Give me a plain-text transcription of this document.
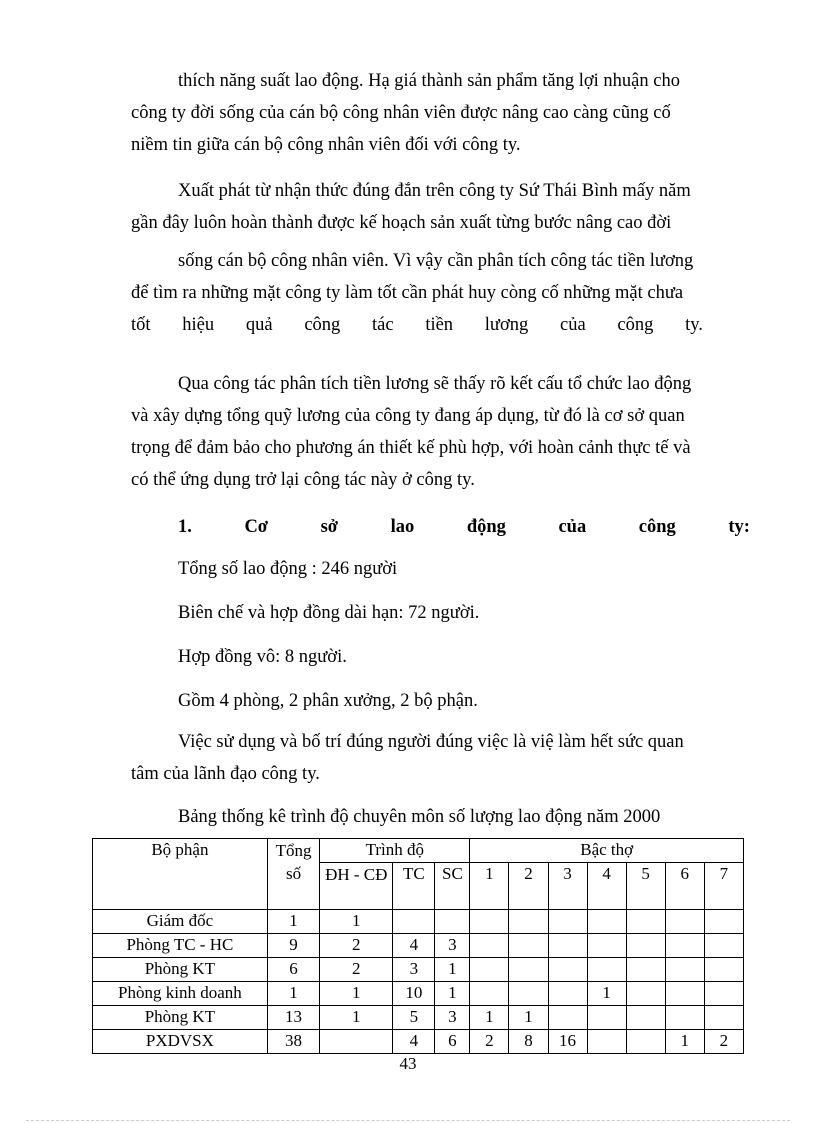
thích năng suất lao động. Hạ giá thành sản phẩm tăng lợi nhuận cho
công ty đời sống của cán bộ công nhân viên được nâng cao càng cũng cố
niềm tin giữa cán bộ công nhân viên đối với công ty.
Xuất phát từ nhận thức đúng đắn trên công ty Sứ Thái Bình mấy năm
gần đây luôn hoàn thành được kế hoạch sản xuất từng bước nâng cao đời
sống cán bộ công nhân viên. Vì vậy cần phân tích công tác tiền lương
để tìm ra những mặt công ty làm tốt cần phát huy còng cố những mặt chưa
tốt hiệu quả công tác tiền lương của công ty.
Qua công tác phân tích tiền lương sẽ thấy rõ kết cấu tổ chức lao động
và xây dựng tổng quỹ lương của công ty đang áp dụng, từ đó là cơ sở quan
trọng để đảm bảo cho phương án thiết kế phù hợp, với hoàn cảnh thực tế và
có thể ứng dụng trở lại công tác này ở công ty.
1.	Cơ	sở	lao	động	của	công	ty:
Tổng số lao động : 246 người
Biên chế và hợp đồng dài hạn: 72 người.
Hợp đồng vô: 8 người.
Gồm 4 phòng, 2 phân xưởng, 2 bộ phận.
Việc sử dụng và bố trí đúng người đúng việc là việ làm hết sức quan
tâm của lãnh đạo công ty.
Bảng thống kê trình độ chuyên môn số lượng lao động năm 2000
Bộ phận	Tổng số	Trình độ			Bậc thợ						
		ĐH - CĐ	TC	SC	1	2	3	4	5	6	7
Giám đốc	1	1									
Phòng TC - HC	9	2	4	3							
Phòng KT	6	2	3	1							
Phòng kinh doanh	1	1	10	1				1			
Phòng KT	13	1	5	3	1	1					
PXDVSX	38		4	6	2	8	16			1	2
43
